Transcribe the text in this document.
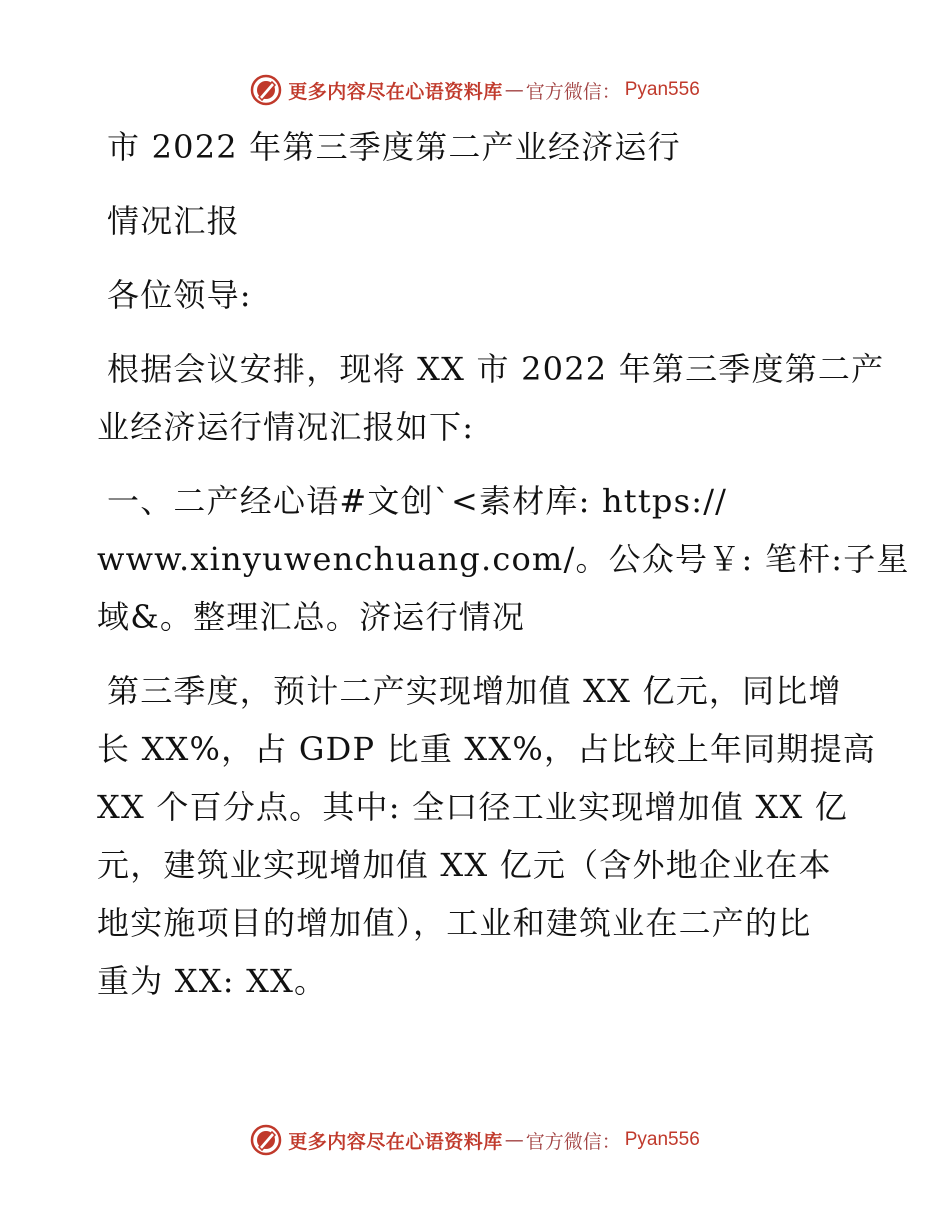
更多内容尽在心语资料库 — 官方微信： Pyan556
市 2022 年第三季度第二产业经济运行
情况汇报
各位领导:
根据会议安排，现将 XX 市 2022 年第三季度第二产
业经济运行情况汇报如下:
一、二产经心语#文创`<素材库: https://
www.xinyuwenchuang.com/。公众号￥: 笔杆:子星
域&。整理汇总。济运行情况
第三季度，预计二产实现增加值 XX 亿元，同比增
长 XX%，占 GDP 比重 XX%，占比较上年同期提高
XX 个百分点。其中: 全口径工业实现增加值 XX 亿
元，建筑业实现增加值 XX 亿元（含外地企业在本
地实施项目的增加值），工业和建筑业在二产的比
重为 XX: XX。
更多内容尽在心语资料库 — 官方微信： Pyan556
